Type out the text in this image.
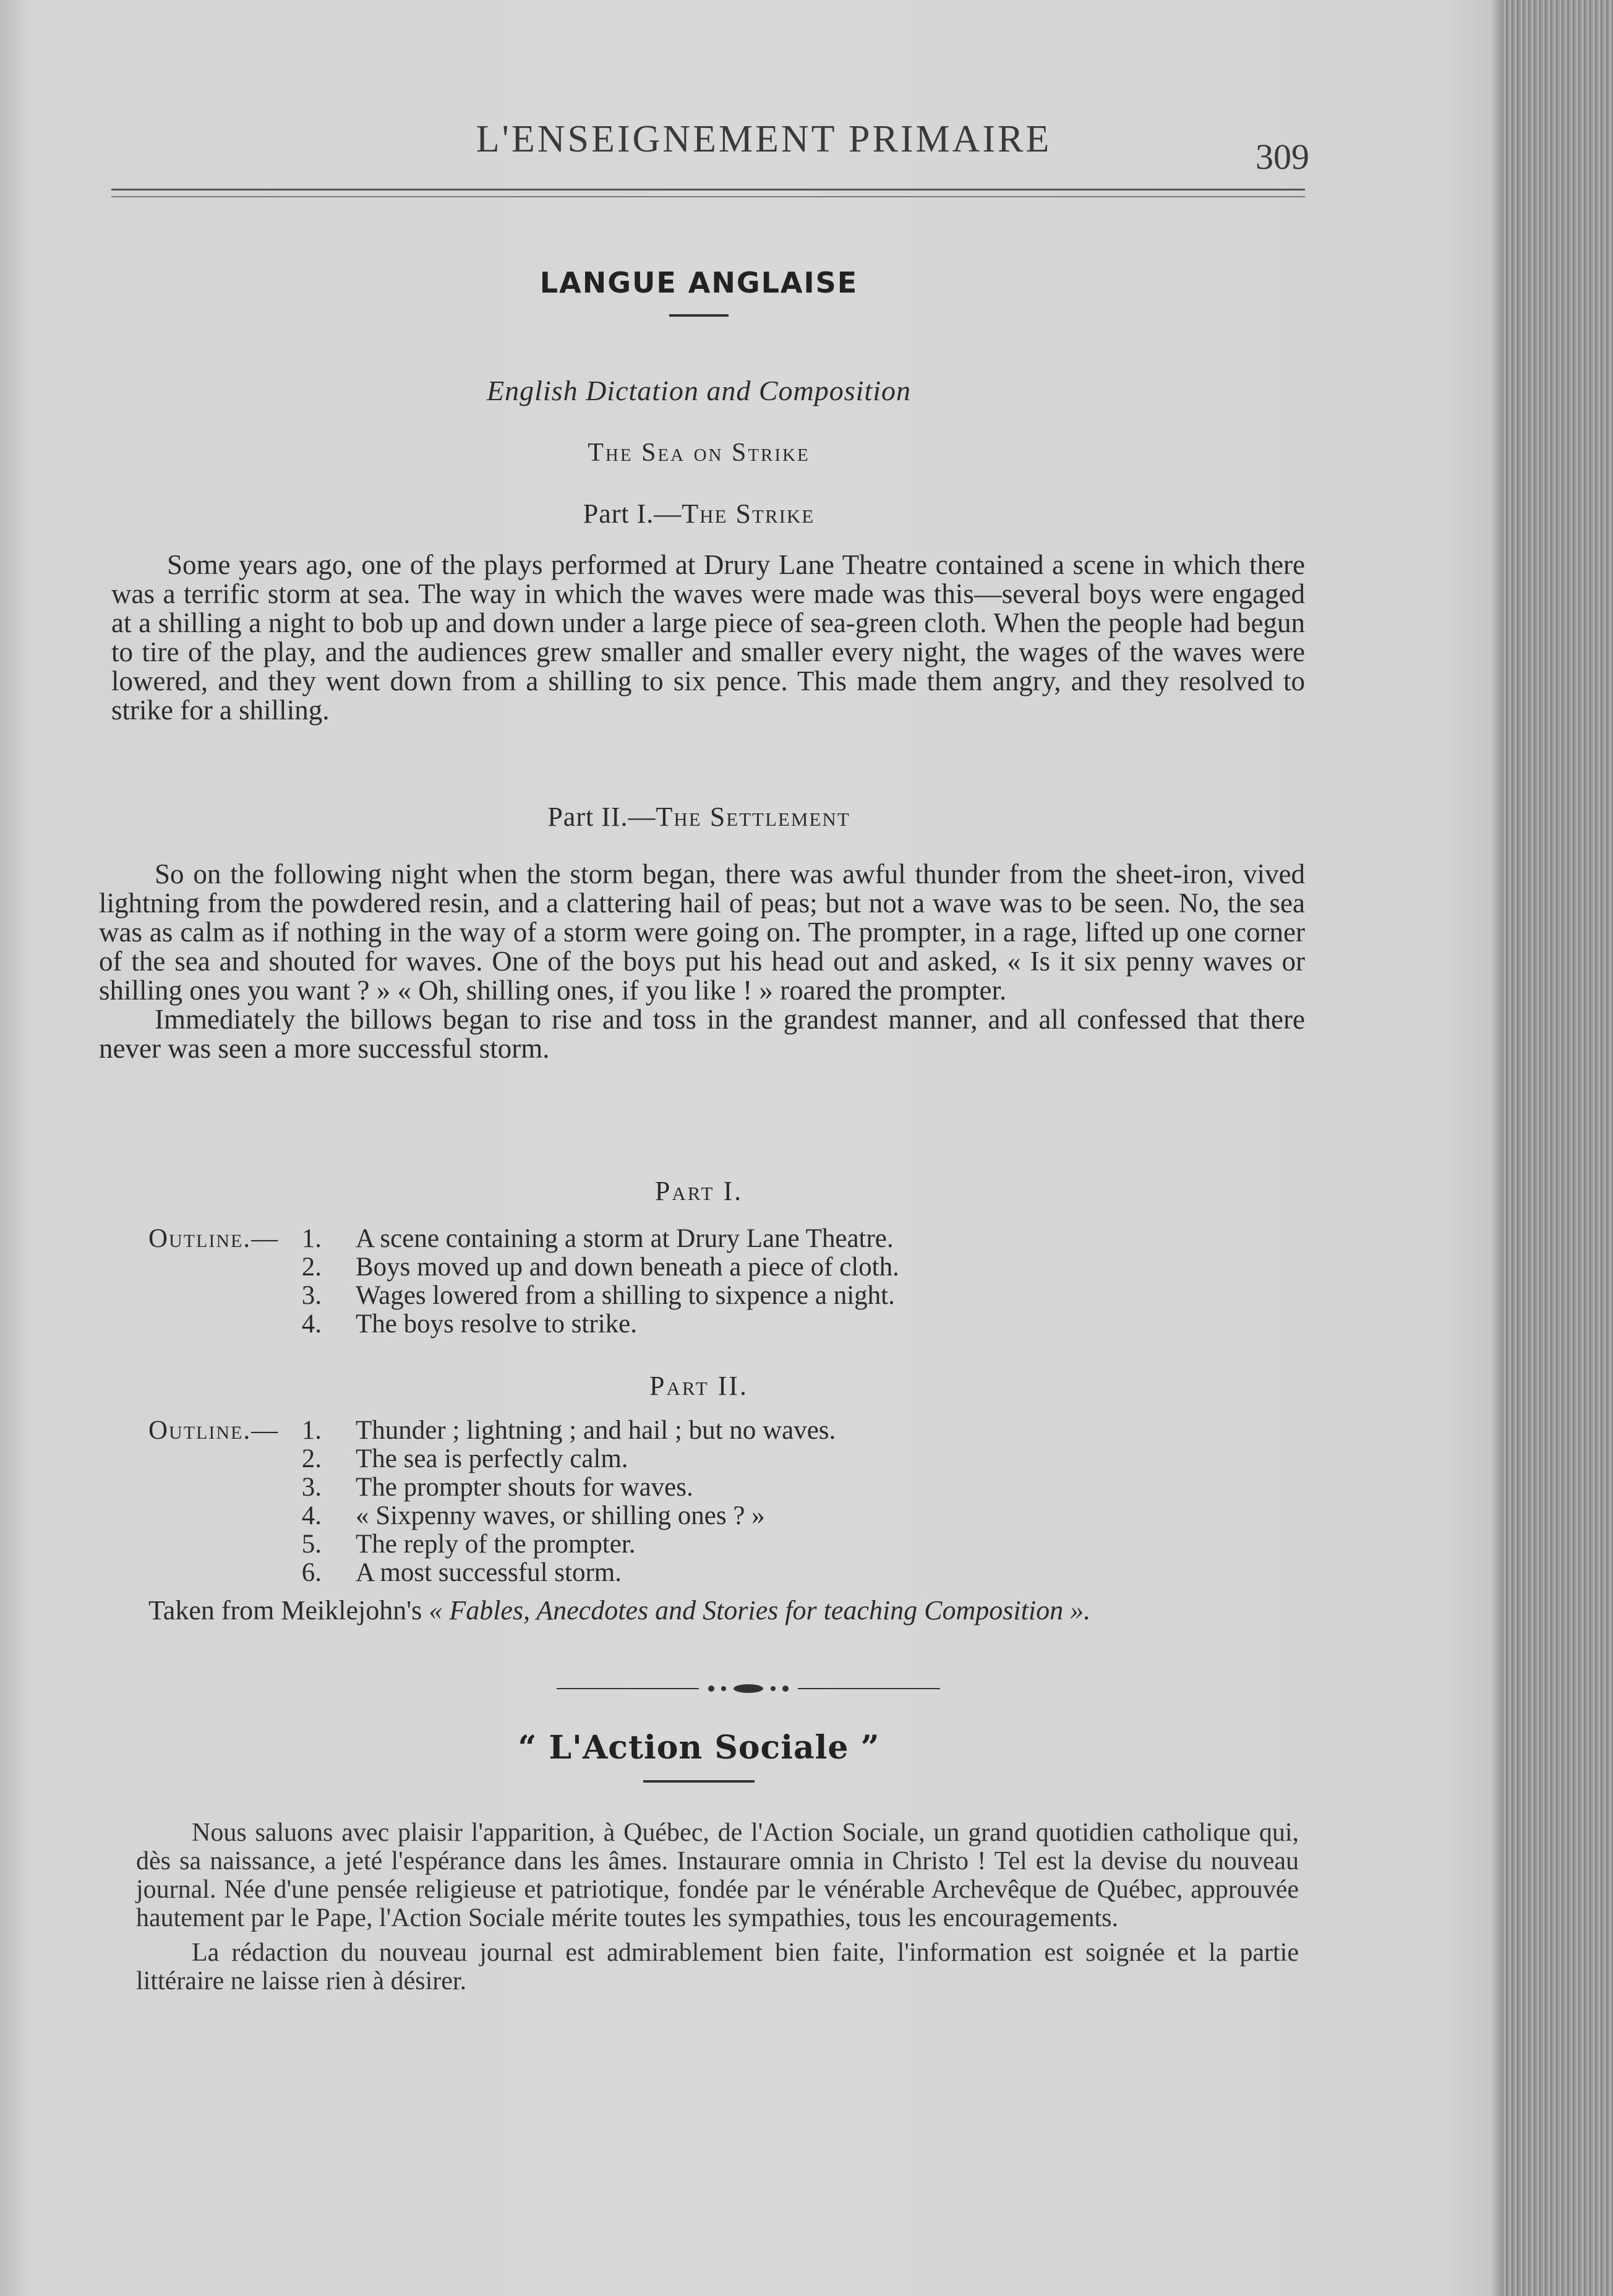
L'ENSEIGNEMENT PRIMAIRE	309
LANGUE ANGLAISE
English Dictation and Composition
The Sea on Strike
Part I.—The Strike

Some years ago, one of the plays performed at Drury Lane Theatre contained a scene in which there was a terrific storm at sea. The way in which the waves were made was this—several boys were engaged at a shilling a night to bob up and down under a large piece of sea-green cloth. When the people had begun to tire of the play, and the audiences grew smaller and smaller every night, the wages of the waves were lowered, and they went down from a shilling to six pence. This made them angry, and they resolved to strike for a shilling.

Part II.—The Settlement

So on the following night when the storm began, there was awful thunder from the sheet-iron, vived lightning from the powdered resin, and a clattering hail of peas; but not a wave was to be seen. No, the sea was as calm as if nothing in the way of a storm were going on. The prompter, in a rage, lifted up one corner of the sea and shouted for waves. One of the boys put his head out and asked, « Is it six penny waves or shilling ones you want ? » « Oh, shilling ones, if you like ! » roared the prompter.

Immediately the billows began to rise and toss in the grandest manner, and all confessed that there never was seen a more successful storm.

Part I.
Outline.— 1. A scene containing a storm at Drury Lane Theatre.
2. Boys moved up and down beneath a piece of cloth.
3. Wages lowered from a shilling to sixpence a night.
4. The boys resolve to strike.
Part II.
Outline.— 1. Thunder ; lightning ; and hail ; but no waves.
2. The sea is perfectly calm.
3. The prompter shouts for waves.
4. « Sixpenny waves, or shilling ones ? »
5. The reply of the prompter.
6. A most successful storm.

Taken from Meiklejohn's « Fables, Anecdotes and Stories for teaching Composition ».

“ L'Action Sociale ”

Nous saluons avec plaisir l'apparition, à Québec, de l'Action Sociale, un grand quotidien catholique qui, dès sa naissance, a jeté l'espérance dans les âmes. Instaurare omnia in Christo ! Tel est la devise du nouveau journal. Née d'une pensée religieuse et patriotique, fondée par le vénérable Archevêque de Québec, approuvée hautement par le Pape, l'Action Sociale mérite toutes les sympathies, tous les encouragements.

La rédaction du nouveau journal est admirablement bien faite, l'information est soignée et la partie littéraire ne laisse rien à désirer.
